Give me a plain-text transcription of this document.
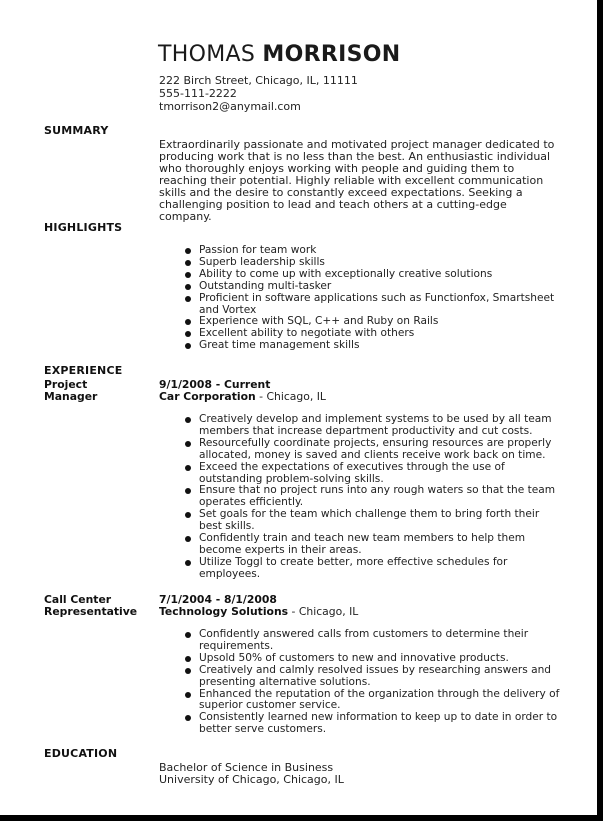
THOMAS MORRISON
222 Birch Street, Chicago, IL, 11111
555-111-2222
tmorrison2@anymail.com
SUMMARY
Extraordinarily passionate and motivated project manager dedicated to producing work that is no less than the best. An enthusiastic individual who thoroughly enjoys working with people and guiding them to reaching their potential. Highly reliable with excellent communication skills and the desire to constantly exceed expectations. Seeking a challenging position to lead and teach others at a cutting-edge company.
HIGHLIGHTS
Passion for team work
Superb leadership skills
Ability to come up with exceptionally creative solutions
Outstanding multi-tasker
Proficient in software applications such as Functionfox, Smartsheet and Vortex
Experience with SQL, C++ and Ruby on Rails
Excellent ability to negotiate with others
Great time management skills
EXPERIENCE
Project Manager
9/1/2008 - Current
Car Corporation - Chicago, IL
Creatively develop and implement systems to be used by all team members that increase department productivity and cut costs.
Resourcefully coordinate projects, ensuring resources are properly allocated, money is saved and clients receive work back on time.
Exceed the expectations of executives through the use of outstanding problem-solving skills.
Ensure that no project runs into any rough waters so that the team operates efficiently.
Set goals for the team which challenge them to bring forth their best skills.
Confidently train and teach new team members to help them become experts in their areas.
Utilize Toggl to create better, more effective schedules for employees.
Call Center Representative
7/1/2004 - 8/1/2008
Technology Solutions - Chicago, IL
Confidently answered calls from customers to determine their requirements.
Upsold 50% of customers to new and innovative products.
Creatively and calmly resolved issues by researching answers and presenting alternative solutions.
Enhanced the reputation of the organization through the delivery of superior customer service.
Consistently learned new information to keep up to date in order to better serve customers.
EDUCATION
Bachelor of Science in Business
University of Chicago, Chicago, IL
